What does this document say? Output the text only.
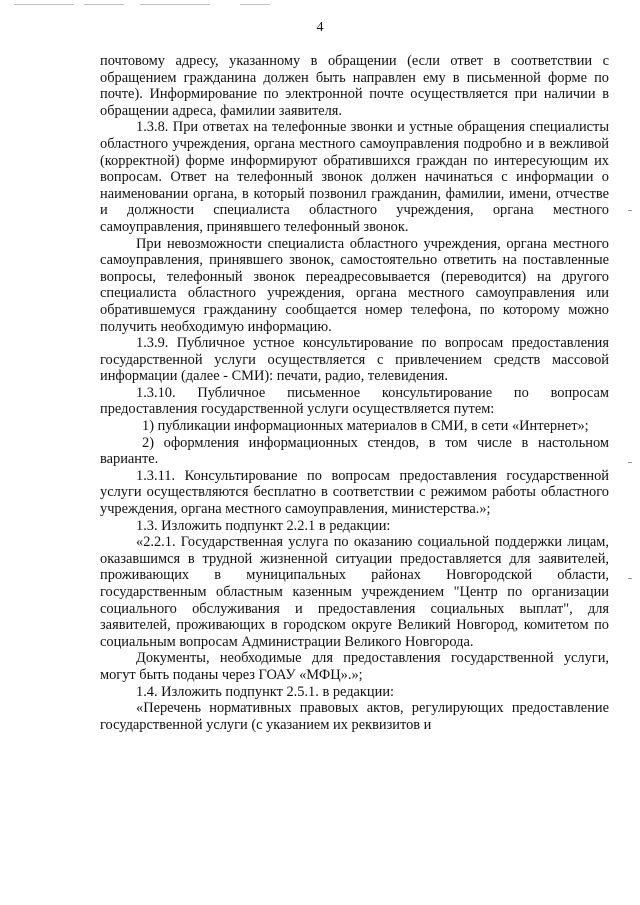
4

почтовому адресу, указанному в обращении (если ответ в соответствии с обращением гражданина должен быть направлен ему в письменной форме по почте). Информирование по электронной почте осуществляется при наличии в обращении адреса, фамилии заявителя.

1.3.8. При ответах на телефонные звонки и устные обращения специалисты областного учреждения, органа местного самоуправления подробно и в вежливой (корректной) форме информируют обратившихся граждан по интересующим их вопросам. Ответ на телефонный звонок должен начинаться с информации о наименовании органа, в который позвонил гражданин, фамилии, имени, отчестве и должности специалиста областного учреждения, органа местного самоуправления, принявшего телефонный звонок.

При невозможности специалиста областного учреждения, органа местного самоуправления, принявшего звонок, самостоятельно ответить на поставленные вопросы, телефонный звонок переадресовывается (переводится) на другого специалиста областного учреждения, органа местного самоуправления или обратившемуся гражданину сообщается номер телефона, по которому можно получить необходимую информацию.

1.3.9. Публичное устное консультирование по вопросам предоставления государственной услуги осуществляется с привлечением средств массовой информации (далее - СМИ): печати, радио, телевидения.

1.3.10. Публичное письменное консультирование по вопросам предоставления государственной услуги осуществляется путем:

1) публикации информационных материалов в СМИ, в сети «Интернет»;

2) оформления информационных стендов, в том числе в настольном варианте.

1.3.11. Консультирование по вопросам предоставления государственной услуги осуществляются бесплатно в соответствии с режимом работы областного учреждения, органа местного самоуправления, министерства.»;

1.3. Изложить подпункт 2.2.1 в редакции:

«2.2.1. Государственная услуга по оказанию социальной поддержки лицам, оказавшимся в трудной жизненной ситуации предоставляется для заявителей, проживающих в муниципальных районах Новгородской области, государственным областным казенным учреждением "Центр по организации социального обслуживания и предоставления социальных выплат", для заявителей, проживающих в городском округе Великий Новгород, комитетом по социальным вопросам Администрации Великого Новгорода.

Документы, необходимые для предоставления государственной услуги, могут быть поданы через ГОАУ «МФЦ».»;

1.4. Изложить подпункт 2.5.1. в редакции:

«Перечень нормативных правовых актов, регулирующих предоставление государственной услуги (с указанием их реквизитов и
